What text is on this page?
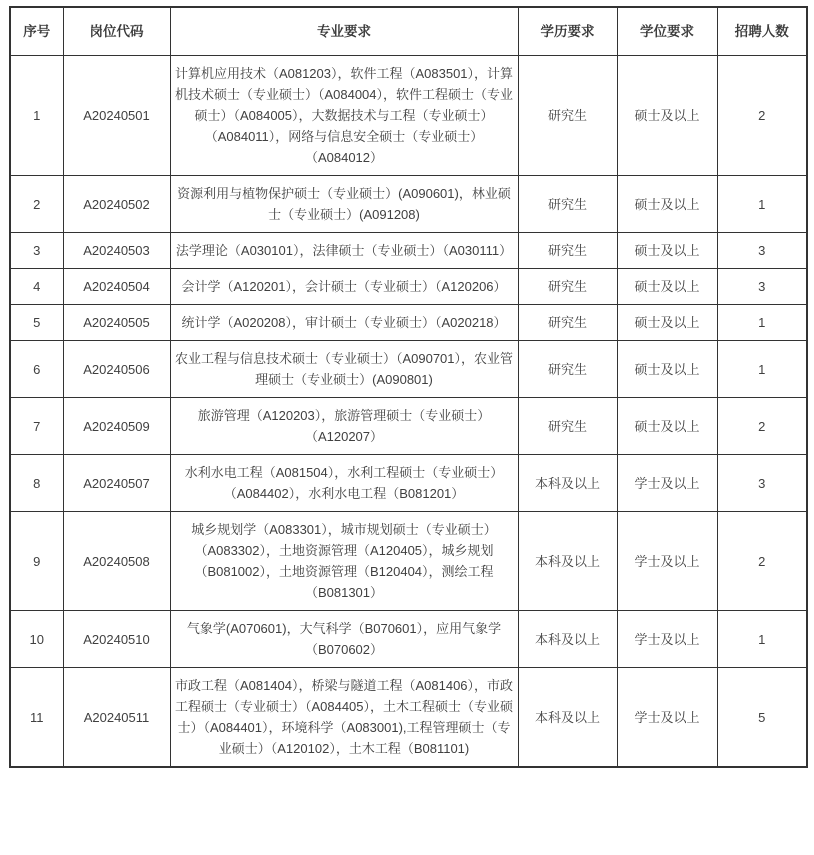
序号	岗位代码	专业要求	学历要求	学位要求	招聘人数
1	A20240501	计算机应用技术（A081203），软件工程（A083501），计算机技术硕士（专业硕士）（A084004），软件工程硕士（专业硕士）（A084005），大数据技术与工程（专业硕士）（A084011），网络与信息安全硕士（专业硕士）（A084012）	研究生	硕士及以上	2
2	A20240502	资源利用与植物保护硕士（专业硕士）(A090601)，林业硕士（专业硕士）(A091208)	研究生	硕士及以上	1
3	A20240503	法学理论（A030101），法律硕士（专业硕士）（A030111）	研究生	硕士及以上	3
4	A20240504	会计学（A120201），会计硕士（专业硕士）（A120206）	研究生	硕士及以上	3
5	A20240505	统计学（A020208），审计硕士（专业硕士）（A020218）	研究生	硕士及以上	1
6	A20240506	农业工程与信息技术硕士（专业硕士）（A090701），农业管理硕士（专业硕士）(A090801)	研究生	硕士及以上	1
7	A20240509	旅游管理（A120203），旅游管理硕士（专业硕士）（A120207）	研究生	硕士及以上	2
8	A20240507	水利水电工程（A081504），水利工程硕士（专业硕士）（A084402），水利水电工程（B081201）	本科及以上	学士及以上	3
9	A20240508	城乡规划学（A083301），城市规划硕士（专业硕士）（A083302），土地资源管理（A120405），城乡规划（B081002），土地资源管理（B120404），测绘工程（B081301）	本科及以上	学士及以上	2
10	A20240510	气象学(A070601)，大气科学（B070601），应用气象学（B070602）	本科及以上	学士及以上	1
11	A20240511	市政工程（A081404），桥梁与隧道工程（A081406），市政工程硕士（专业硕士）（A084405），土木工程硕士（专业硕士）（A084401），环境科学（A083001),工程管理硕士（专业硕士）（A120102），土木工程（B081101)	本科及以上	学士及以上	5
